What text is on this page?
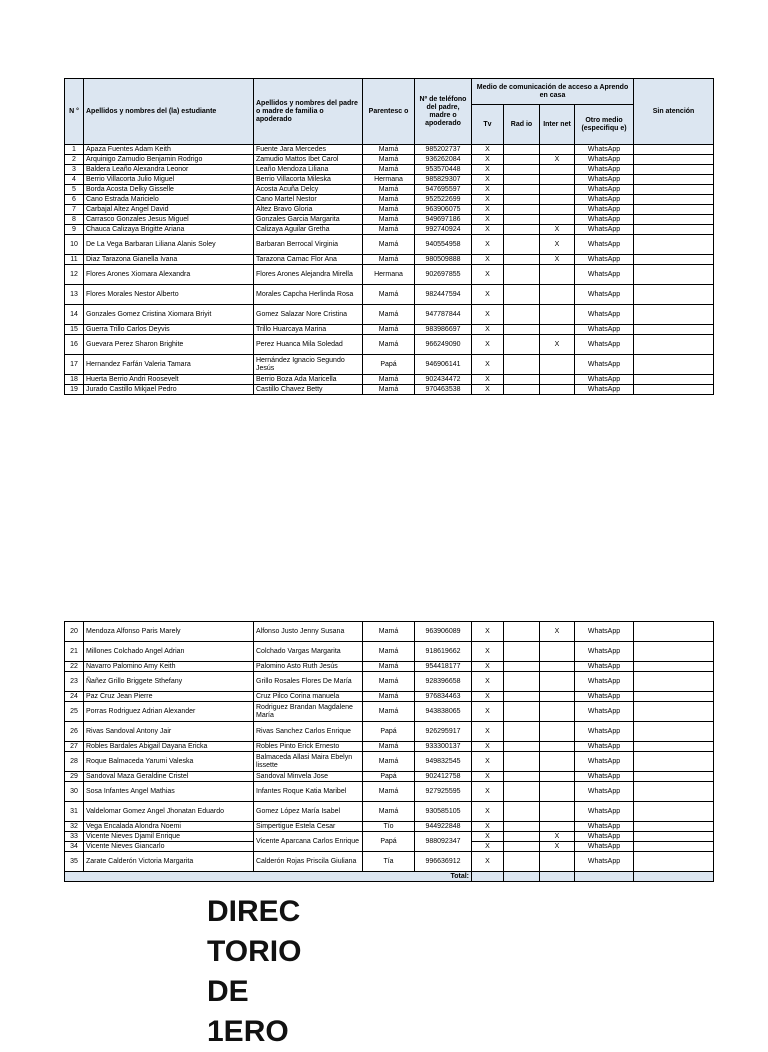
N °	Apellidos y nombres del (la) estudiante	Apellidos y nombres del padre o madre de familia o apoderado	Parentesc o	Nº de teléfono del padre, madre o apoderado	Medio de comunicación de acceso a Aprendo en casa				Sin atención
					Tv	Rad io	Inter net	Otro medio (especifiqu e)	
1	Apaza Fuentes Adam Keith	Fuente Jara Mercedes	Mamá	985202737	X			WhatsApp	
2	Arquinigo Zamudio Benjamin Rodrigo	Zamudio Mattos Ibet Carol	Mamá	936262084	X		X	WhatsApp	
3	Baldera Leaño Alexandra Leonor	Leaño Mendoza Liliana	Mamá	953570448	X			WhatsApp	
4	Berrio Villacorta Julio Miguel	Berrio Villacorta Mileska	Hermana	985829307	X			WhatsApp	
5	Borda Acosta Delky Gisselle	Acosta Acuña Delcy	Mamá	947695597	X			WhatsApp	
6	Cano Estrada Maricielo	Cano Martel Nestor	Mamá	952522699	X			WhatsApp	
7	Carbajal Altez Angel David	Altez Bravo Gloria	Mamá	963906075	X			WhatsApp	
8	Carrasco Gonzales Jesus Miguel	Gonzales Garcia Margarita	Mamá	949697186	X			WhatsApp	
9	Chauca Calizaya Brigitte Ariana	Calizaya Aguilar Gretha	Mamá	992740924	X		X	WhatsApp	
10	De La Vega Barbaran Liliana Alanis Soley	Barbaran Berrocal Virginia	Mamá	940554958	X		X	WhatsApp	
11	Diaz Tarazona Gianella Ivana	Tarazona Camac Flor Ana	Mamá	980509888	X		X	WhatsApp	
12	Flores Arones Xiomara Alexandra	Flores Arones Alejandra Mirella	Hermana	902697855	X			WhatsApp	
13	Flores Morales Nestor Alberto	Morales Capcha Herlinda Rosa	Mamá	982447594	X			WhatsApp	
14	Gonzales Gomez Cristina Xiomara Briyit	Gomez Salazar Nore Cristina	Mamá	947787844	X			WhatsApp	
15	Guerra Trillo Carlos Deyvis	Trillo Huarcaya Marina	Mamá	983986697	X			WhatsApp	
16	Guevara Perez Sharon Brighite	Perez Huanca Mila Soledad	Mamá	966249090	X		X	WhatsApp	
17	Hernandez Farfán Valeria Tamara	Hernández Ignacio Segundo Jesús	Papá	946906141	X			WhatsApp	
18	Huerta Berrio Andri Roosevelt	Berrio Boza Ada Maricella	Mamá	902434472	X			WhatsApp	
19	Jurado Castillo Mikjael Pedro	Castillo Chavez Betty	Mamá	970463538	X			WhatsApp	
20	Mendoza Alfonso Paris Marely	Alfonso Justo Jenny Susana	Mamá	963906089	X		X	WhatsApp	
21	Millones Colchado Angel Adrian	Colchado Vargas Margarita	Mamá	918619662	X			WhatsApp	
22	Navarro Palomino Amy Keith	Palomino Asto Ruth Jesús	Mamá	954418177	X			WhatsApp	
23	Ñañez Grillo Briggete Sthefany	Grillo Rosales Flores De María	Mamá	928396658	X			WhatsApp	
24	Paz Cruz Jean Pierre	Cruz Pilco Corina manuela	Mamá	976834463	X			WhatsApp	
25	Porras Rodriguez Adrian Alexander	Rodriguez Brandan Magdalene María	Mamá	943838065	X			WhatsApp	
26	Rivas Sandoval Antony Jair	Rivas Sanchez Carlos Enrique	Papá	926295917	X			WhatsApp	
27	Robles Bardales Abigail Dayana Ericka	Robles Pinto Erick Ernesto	Mamá	933300137	X			WhatsApp	
28	Roque Balmaceda Yarumi Valeska	Balmaceda Allasi Maira Ebelyn lissette	Mamá	949832545	X			WhatsApp	
29	Sandoval Maza Geraldine Cristel	Sandoval Minvela Jose	Papá	902412758	X			WhatsApp	
30	Sosa Infantes Angel Mathias	Infantes Roque Katia Maribel	Mamá	927925595	X			WhatsApp	
31	Valdelomar Gomez Angel Jhonatan Eduardo	Gomez López María Isabel	Mamá	930585105	X			WhatsApp	
32	Vega Encalada Alondra Noemi	Simpertigue Estela Cesar	Tío	944922848	X			WhatsApp	
33	Vicente Nieves Djamil Enrique	Vicente Aparcana Carlos Enrique	Papá	988092347	X		X	WhatsApp	
34	Vicente Nieves Giancarlo				X		X	WhatsApp	
35	Zarate Calderón Victoria Margarita	Calderón Rojas Priscila Giuliana	Tía	996636912	X			WhatsApp	
Total:									
DIREC
TORIO
DE
1ERO
